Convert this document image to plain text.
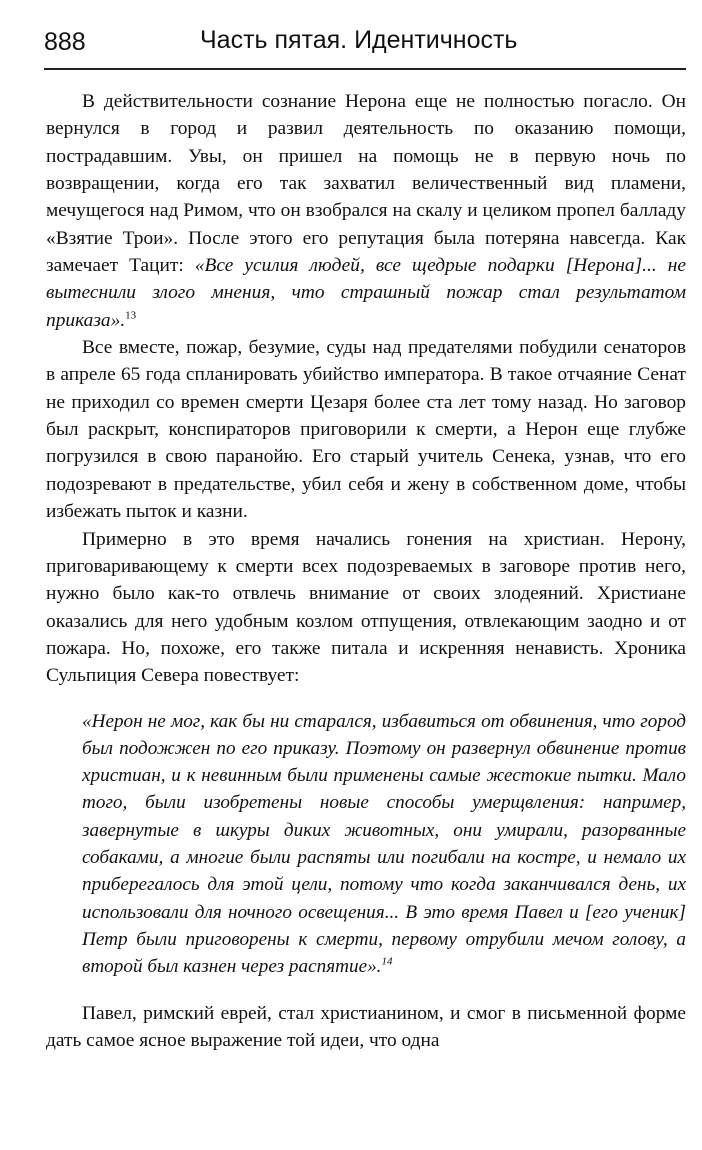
888	Часть пятая. Идентичность

В действительности сознание Нерона еще не полностью погасло. Он вернулся в город и развил деятельность по оказанию помощи, пострадавшим. Увы, он пришел на помощь не в первую ночь по возвращении, когда его так захватил величественный вид пламени, мечущегося над Римом, что он взобрался на скалу и целиком пропел балладу «Взятие Трои». После этого его репутация была потеряна навсегда. Как замечает Тацит: «Все усилия людей, все щедрые подарки [Нерона]... не вытеснили злого мнения, что страшный пожар стал результатом приказа».$^{13}$

Все вместе, пожар, безумие, суды над предателями побудили сенаторов в апреле 65 года спланировать убийство императора. В такое отчаяние Сенат не приходил со времен смерти Цезаря более ста лет тому назад. Но заговор был раскрыт, конспираторов приговорили к смерти, а Нерон еще глубже погрузился в свою паранойю. Его старый учитель Сенека, узнав, что его подозревают в предательстве, убил себя и жену в собственном доме, чтобы избежать пыток и казни.

Примерно в это время начались гонения на христиан. Нерону, приговаривающему к смерти всех подозреваемых в заговоре против него, нужно было как-то отвлечь внимание от своих злодеяний. Христиане оказались для него удобным козлом отпущения, отвлекающим заодно и от пожара. Но, похоже, его также питала и искренняя ненависть. Хроника Сульпиция Севера повествует:

«Нерон не мог, как бы ни старался, избавиться от обвинения, что город был подожжен по его приказу. Поэтому он развернул обвинение против христиан, и к невинным были применены самые жестокие пытки. Мало того, были изобретены новые способы умерщвления: например, завернутые в шкуры диких животных, они умирали, разорванные собаками, а многие были распяты или погибали на костре, и немало их приберегалось для этой цели, потому что когда заканчивался день, их использовали для ночного освещения... В это время Павел и [его ученик] Петр были приговорены к смерти, первому отрубили мечом голову, а второй был казнен через распятие».$^{14}$

Павел, римский еврей, стал христианином, и смог в письменной форме дать самое ясное выражение той идеи, что одна
